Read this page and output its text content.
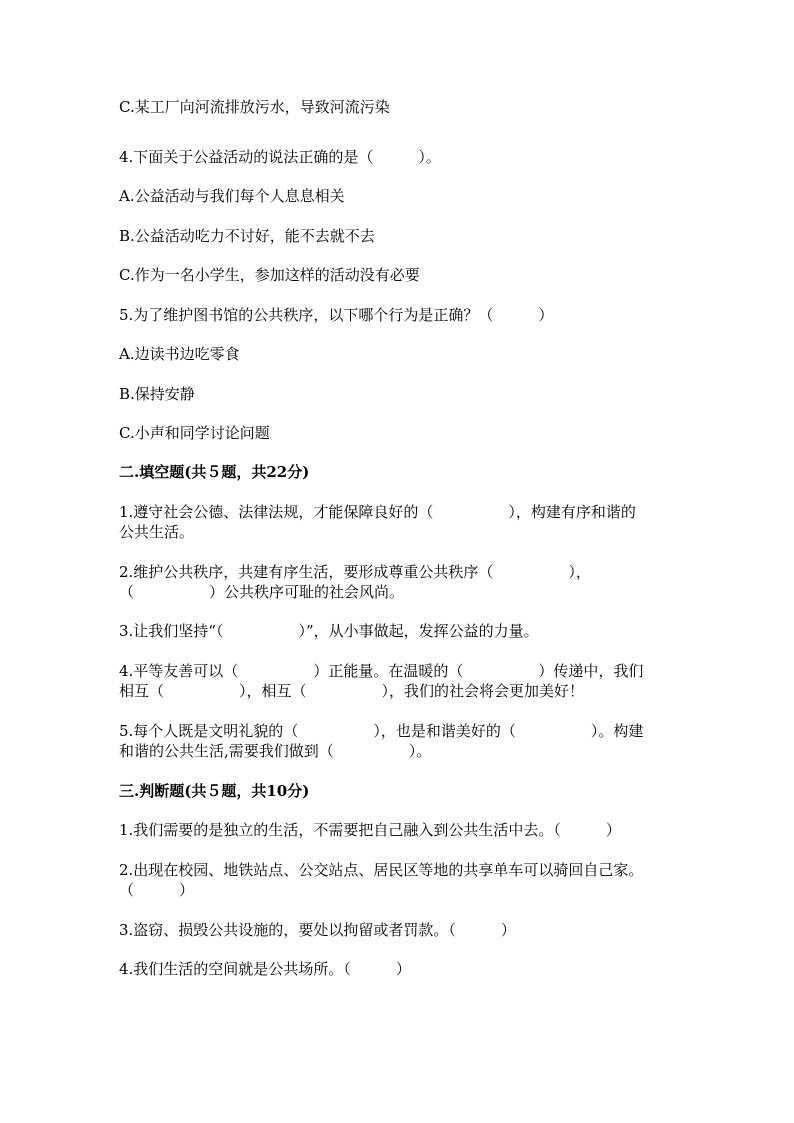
C.某工厂向河流排放污水，导致河流污染
4.下面关于公益活动的说法正确的是（　　　）。
A.公益活动与我们每个人息息相关
B.公益活动吃力不讨好，能不去就不去
C.作为一名小学生，参加这样的活动没有必要
5.为了维护图书馆的公共秩序，以下哪个行为是正确？（　　　）
A.边读书边吃零食
B.保持安静
C.小声和同学讨论问题
二.填空题(共５题，共22分)
1.遵守社会公德、法律法规，才能保障良好的（　　　　　），构建有序和谐的
公共生活。
2.维护公共秩序，共建有序生活，要形成尊重公共秩序（　　　　　），
（　　　　　）公共秩序可耻的社会风尚。
3.让我们坚持“（　　　　　）”，从小事做起，发挥公益的力量。
4.平等友善可以（　　　　　）正能量。在温暖的（　　　　　）传递中，我们
相互（　　　　　），相互（　　　　　），我们的社会将会更加美好！
5.每个人既是文明礼貌的（　　　　　），也是和谐美好的（　　　　　）。构建
和谐的公共生活,需要我们做到（　　　　　）。
三.判断题(共５题，共10分)
1.我们需要的是独立的生活，不需要把自己融入到公共生活中去。（　　　）
2.出现在校园、地铁站点、公交站点、居民区等地的共享单车可以骑回自己家。
（　　　）
3.盗窃、损毁公共设施的，要处以拘留或者罚款。（　　　）
4.我们生活的空间就是公共场所。（　　　）
